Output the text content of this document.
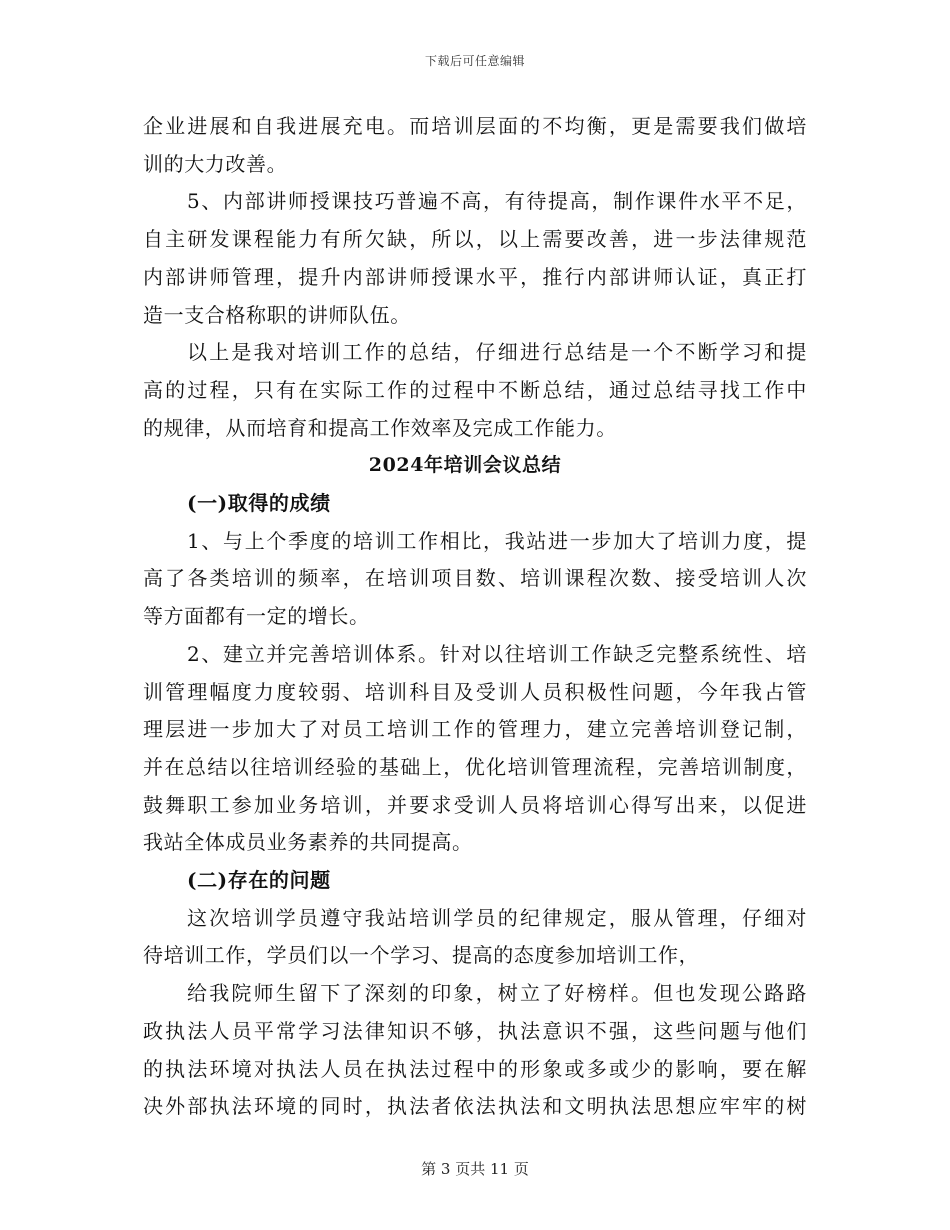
下载后可任意编辑
企业进展和自我进展充电。而培训层面的不均衡，更是需要我们做培
训的大力改善。
5、内部讲师授课技巧普遍不高，有待提高，制作课件水平不足，
自主研发课程能力有所欠缺，所以，以上需要改善，进一步法律规范
内部讲师管理，提升内部讲师授课水平，推行内部讲师认证，真正打
造一支合格称职的讲师队伍。
以上是我对培训工作的总结，仔细进行总结是一个不断学习和提
高的过程，只有在实际工作的过程中不断总结，通过总结寻找工作中
的规律，从而培育和提高工作效率及完成工作能力。
2024年培训会议总结
(一)取得的成绩
1、与上个季度的培训工作相比，我站进一步加大了培训力度，提
高了各类培训的频率，在培训项目数、培训课程次数、接受培训人次
等方面都有一定的增长。
2、建立并完善培训体系。针对以往培训工作缺乏完整系统性、培
训管理幅度力度较弱、培训科目及受训人员积极性问题，今年我占管
理层进一步加大了对员工培训工作的管理力，建立完善培训登记制，
并在总结以往培训经验的基础上，优化培训管理流程，完善培训制度，
鼓舞职工参加业务培训，并要求受训人员将培训心得写出来，以促进
我站全体成员业务素养的共同提高。
(二)存在的问题
这次培训学员遵守我站培训学员的纪律规定，服从管理，仔细对
待培训工作，学员们以一个学习、提高的态度参加培训工作，
给我院师生留下了深刻的印象，树立了好榜样。但也发现公路路
政执法人员平常学习法律知识不够，执法意识不强，这些问题与他们
的执法环境对执法人员在执法过程中的形象或多或少的影响，要在解
决外部执法环境的同时，执法者依法执法和文明执法思想应牢牢的树
第 3 页共 11 页
